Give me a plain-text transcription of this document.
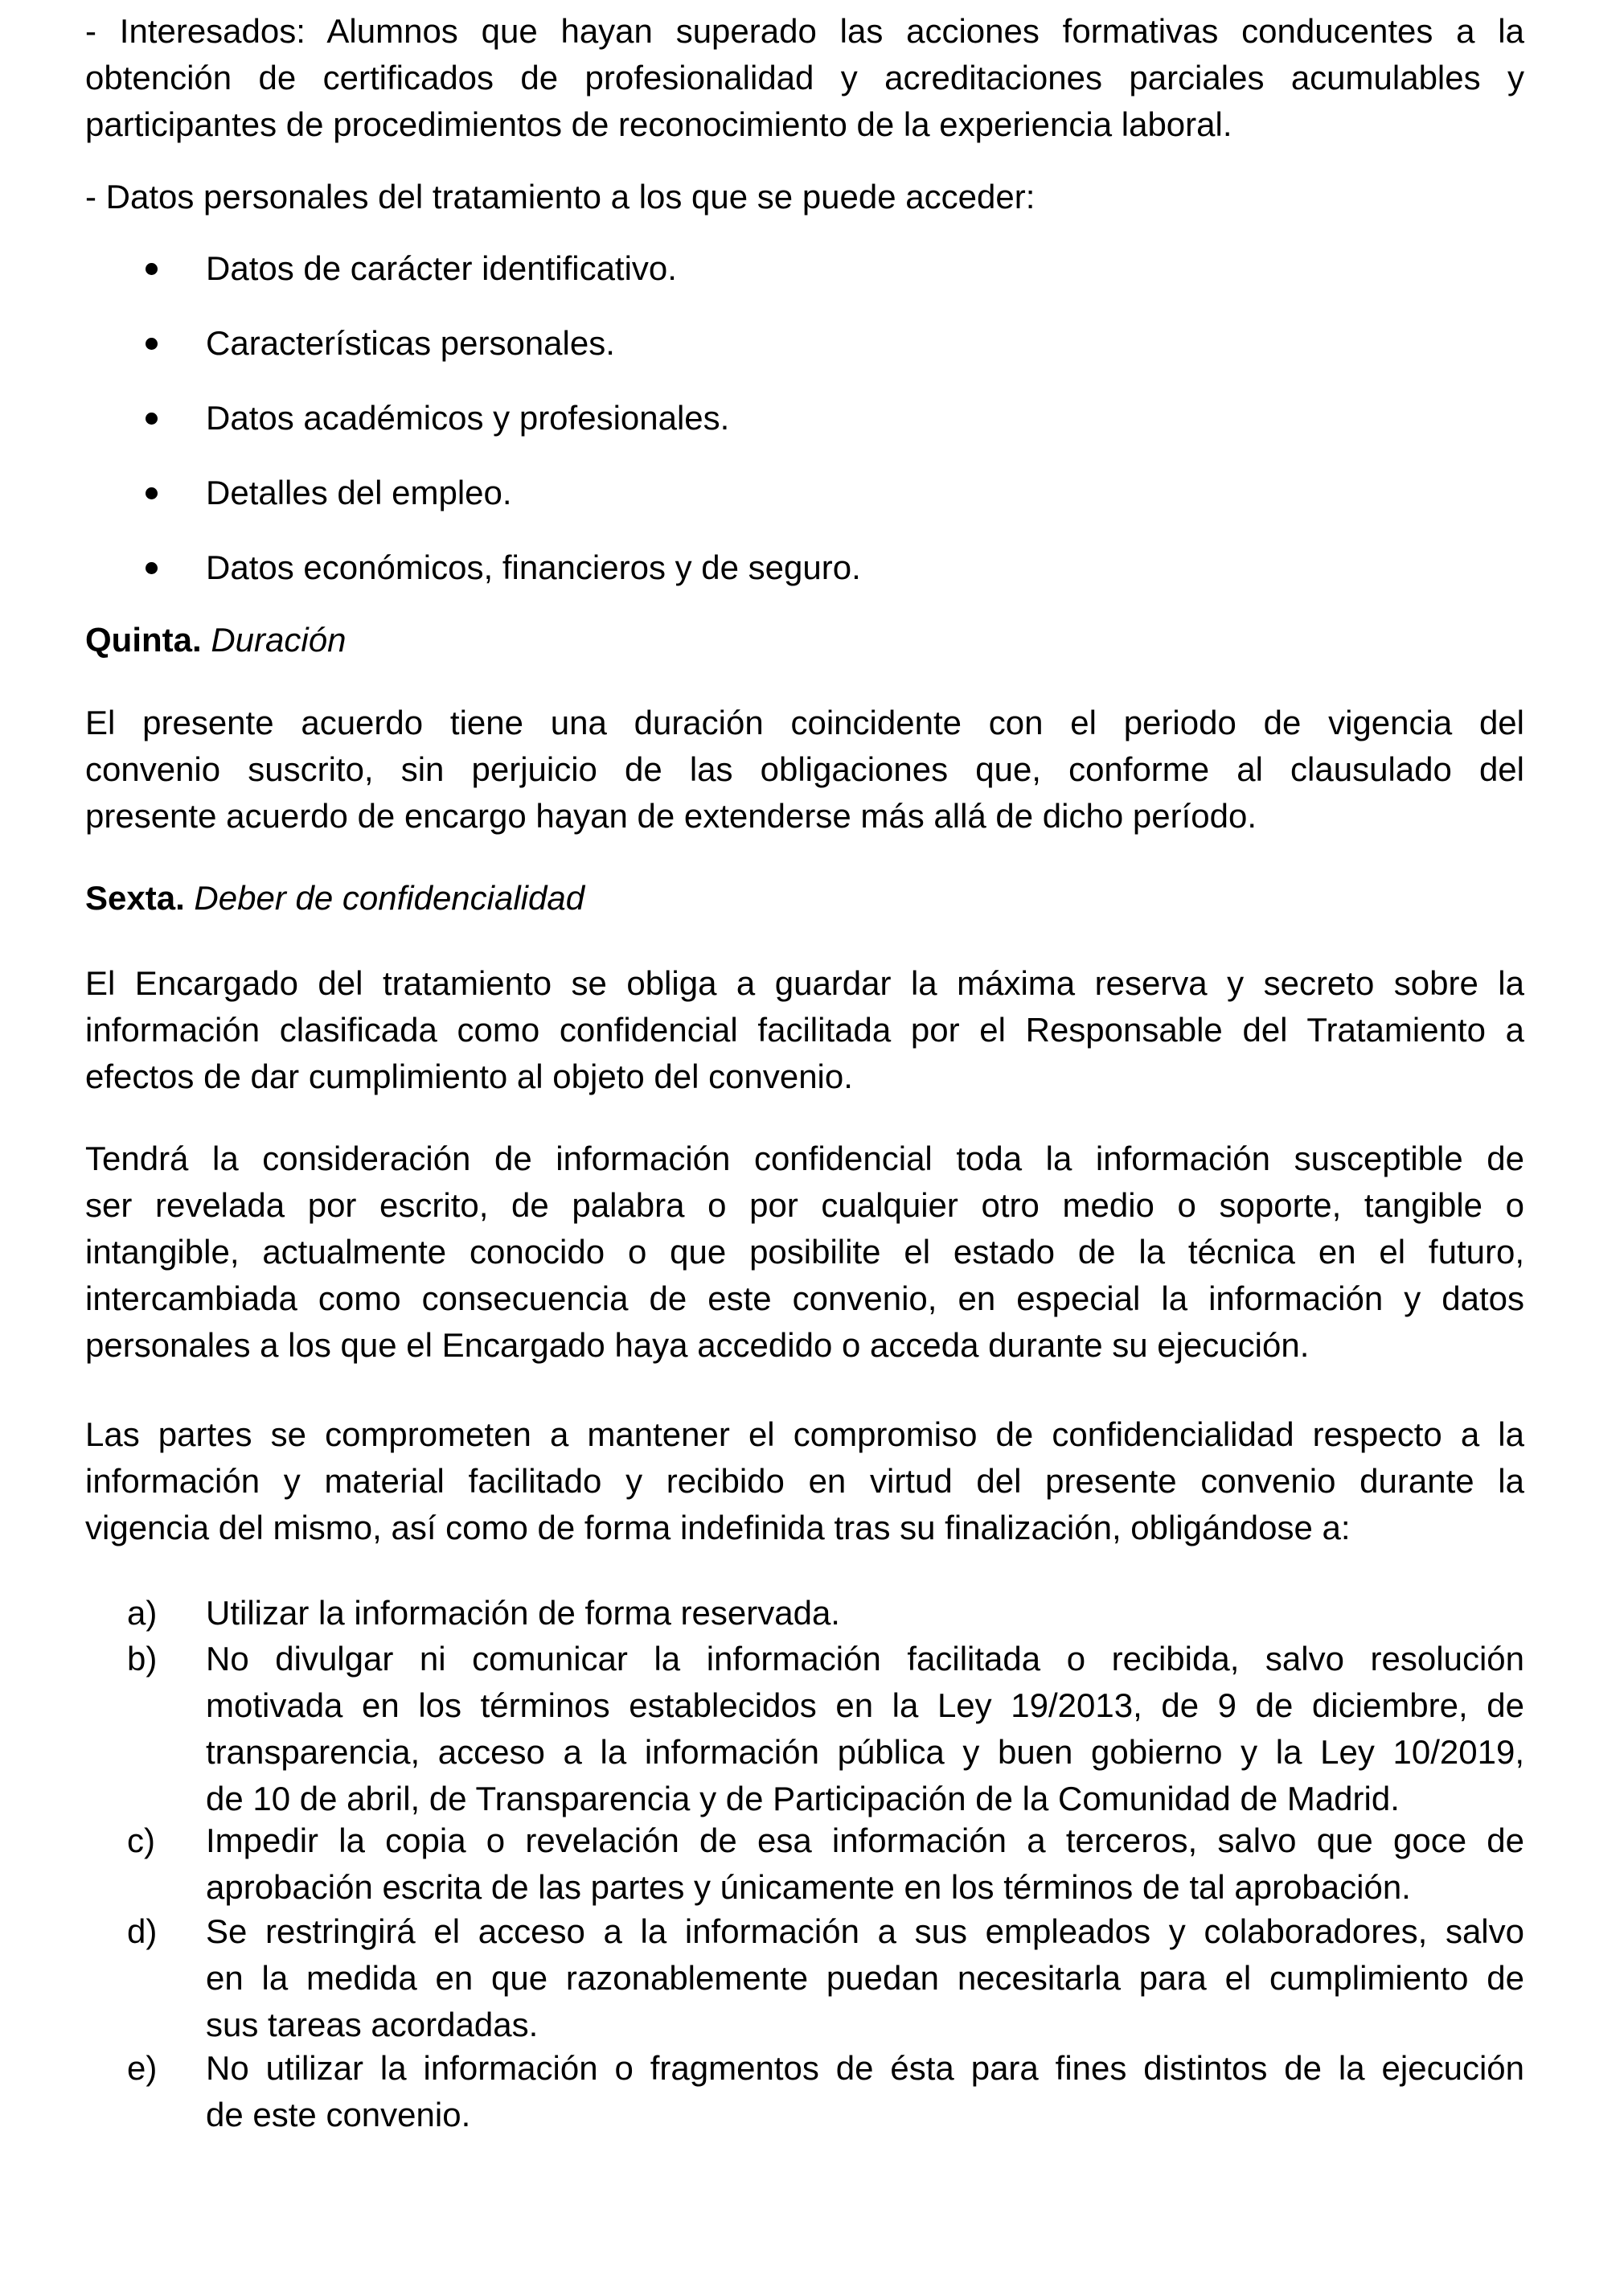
- Interesados: Alumnos que hayan superado las acciones formativas conducentes a la
obtención de certificados de profesionalidad y acreditaciones parciales acumulables y
participantes de procedimientos de reconocimiento de la experiencia laboral.
- Datos personales del tratamiento a los que se puede acceder:
Datos de carácter identificativo.
Características personales.
Datos académicos y profesionales.
Detalles del empleo.
Datos económicos, financieros y de seguro.
Quinta. Duración
El presente acuerdo tiene una duración coincidente con el periodo de vigencia del
convenio suscrito, sin perjuicio de las obligaciones que, conforme al clausulado del
presente acuerdo de encargo hayan de extenderse más allá de dicho período.
Sexta. Deber de confidencialidad
El Encargado del tratamiento se obliga a guardar la máxima reserva y secreto sobre la
información clasificada como confidencial facilitada por el Responsable del Tratamiento a
efectos de dar cumplimiento al objeto del convenio.
Tendrá la consideración de información confidencial toda la información susceptible de
ser revelada por escrito, de palabra o por cualquier otro medio o soporte, tangible o
intangible, actualmente conocido o que posibilite el estado de la técnica en el futuro,
intercambiada como consecuencia de este convenio, en especial la información y datos
personales a los que el Encargado haya accedido o acceda durante su ejecución.
Las partes se comprometen a mantener el compromiso de confidencialidad respecto a la
información y material facilitado y recibido en virtud del presente convenio durante la
vigencia del mismo, así como de forma indefinida tras su finalización, obligándose a:
a) Utilizar la información de forma reservada.
b) No divulgar ni comunicar la información facilitada o recibida, salvo resolución
motivada en los términos establecidos en la Ley 19/2013, de 9 de diciembre, de
transparencia, acceso a la información pública y buen gobierno y la Ley 10/2019,
de 10 de abril, de Transparencia y de Participación de la Comunidad de Madrid.
c) Impedir la copia o revelación de esa información a terceros, salvo que goce de
aprobación escrita de las partes y únicamente en los términos de tal aprobación.
d) Se restringirá el acceso a la información a sus empleados y colaboradores, salvo
en la medida en que razonablemente puedan necesitarla para el cumplimiento de
sus tareas acordadas.
e) No utilizar la información o fragmentos de ésta para fines distintos de la ejecución
de este convenio.
